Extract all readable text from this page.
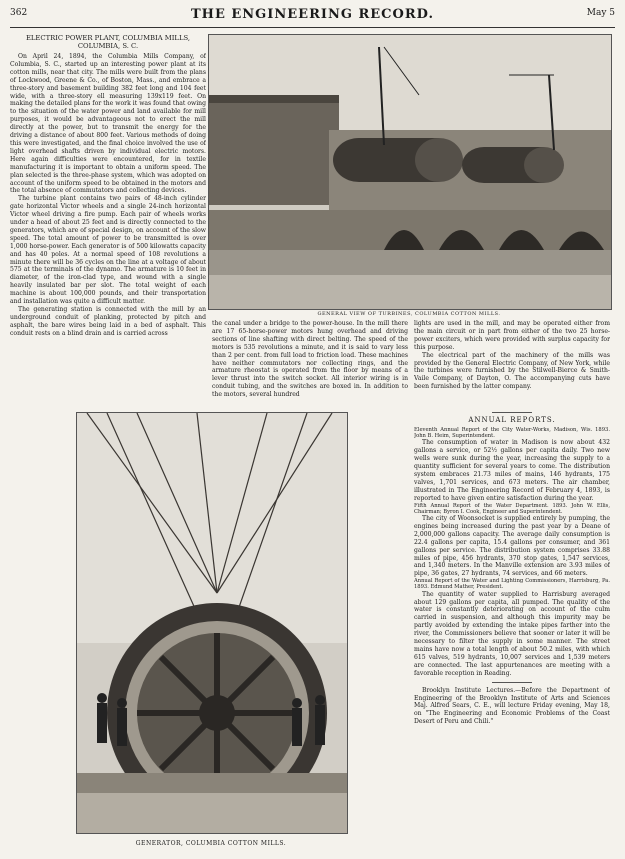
362	THE ENGINEERING RECORD.	May 5
ELECTRIC POWER PLANT, COLUMBIA MILLS,
COLUMBIA, S. C.

On April 24, 1894, the Columbia Mills Company, of Columbia, S. C., started up an interesting power plant at its cotton mills, near that city. The mills were built from the plans of Lockwood, Greene & Co., of Boston, Mass., and embrace a three-story and basement building 382 feet long and 104 feet wide, with a three-story ell measuring 139x119 feet. On making the detailed plans for the work it was found that owing to the situation of the water power and land available for mill purposes, it would be advantageous not to erect the mill directly at the power, but to transmit the energy for the driving a distance of about 800 feet. Various methods of doing this were investigated, and the final choice involved the use of light overhead shafts driven by individual electric motors. Here again difficulties were encountered, for in textile manufacturing it is important to obtain a uniform speed. The plan selected is the three-phase system, which was adopted on account of the uniform speed to be obtained in the motors and the total absence of commutators and collecting devices.

The turbine plant contains two pairs of 48-inch cylinder gate horizontal Victor wheels and a single 24-inch horizontal Victor wheel driving a fire pump. Each pair of wheels works under a head of about 25 feet and is directly connected to the generators, which are of special design, on account of the slow speed. The total amount of power to be transmitted is over 1,000 horse-power. Each generator is of 500 kilowatts capacity and has 40 poles. At a normal speed of 108 revolutions a minute there will be 36 cycles on the line at a voltage of about 575 at the terminals of the dynamo. The armature is 10 feet in diameter, of the iron-clad type, and wound with a single heavily insulated bar per slot. The total weight of each machine is about 100,000 pounds, and their transportation and installation was quite a difficult matter.

The generating station is connected with the mill by an underground conduit of planking, protected by pitch and asphalt, the bare wires being laid in a bed of asphalt. This conduit rests on a blind drain and is carried across

GENERAL VIEW OF TURBINES, COLUMBIA COTTON MILLS.

the canal under a bridge to the power-house. In the mill there are 17 65-horse-power motors hung overhead and driving sections of line shafting with direct belting. The speed of the motors is 535 revolutions a minute, and it is said to vary less than 2 per cent. from full load to friction load. These machines have neither commutators nor collecting rings, and the armature rheostat is operated from the floor by means of a lever thrust into the switch socket. All interior wiring is in conduit tubing, and the switches are boxed in. In addition to the motors, several hundred

lights are used in the mill, and may be operated either from the main circuit or in part from either of the two 25 horse-power exciters, which were provided with surplus capacity for this purpose.

The electrical part of the machinery of the mills was provided by the General Electric Company, of New York, while the turbines were furnished by the Stilwell-Bierce & Smith-Vaile Company, of Dayton, O. The accompanying cuts have been furnished by the latter company.

GENERATOR, COLUMBIA COTTON MILLS.
ANNUAL REPORTS.

Eleventh Annual Report of the City Water-Works, Madison, Wis. 1893. John B. Heim, Superintendent.

The consumption of water in Madison is now about 432 gallons a service, or 52½ gallons per capita daily. Two new wells were sunk during the year, increasing the supply to a quantity sufficient for several years to come. The distribution system embraces 21.73 miles of mains, 146 hydrants, 175 valves, 1,701 services, and 673 meters. The air chamber, illustrated in The Engineering Record of February 4, 1893, is reported to have given entire satisfaction during the year.

Fifth Annual Report of the Water Department. 1893. John W. Ellis, Chairman; Byron I. Cook, Engineer and Superintendent.

The city of Woonsocket is supplied entirely by pumping, the engines being increased during the past year by a Deane of 2,000,000 gallons capacity. The average daily consumption is 22.4 gallons per capita, 15.4 gallons per consumer, and 361 gallons per service. The distribution system comprises 33.88 miles of pipe, 456 hydrants, 370 stop gates, 1,547 services, and 1,340 meters. In the Manville extension are 3.93 miles of pipe, 36 gates, 27 hydrants, 74 services, and 66 meters.

Annual Report of the Water and Lighting Commissioners, Harrisburg, Pa. 1893. Edmund Mather, President.

The quantity of water supplied to Harrisburg averaged about 129 gallons per capita, all pumped. The quality of the water is constantly deteriorating on account of the culm carried in suspension, and although this impurity may be partly avoided by extending the intake pipes farther into the river, the Commissioners believe that sooner or later it will be necessary to filter the supply in some manner. The street mains have now a total length of about 50.2 miles, with which 615 valves, 519 hydrants, 10,007 services and 1,539 meters are connected. The last appurtenances are meeting with a favorable reception in Reading.

Brooklyn Institute Lectures.—Before the Department of Engineering of the Brooklyn Institute of Arts and Sciences Maj. Alfred Sears, C. E., will lecture Friday evening, May 18, on "The Engineering and Economic Problems of the Coast Desert of Peru and Chili."
